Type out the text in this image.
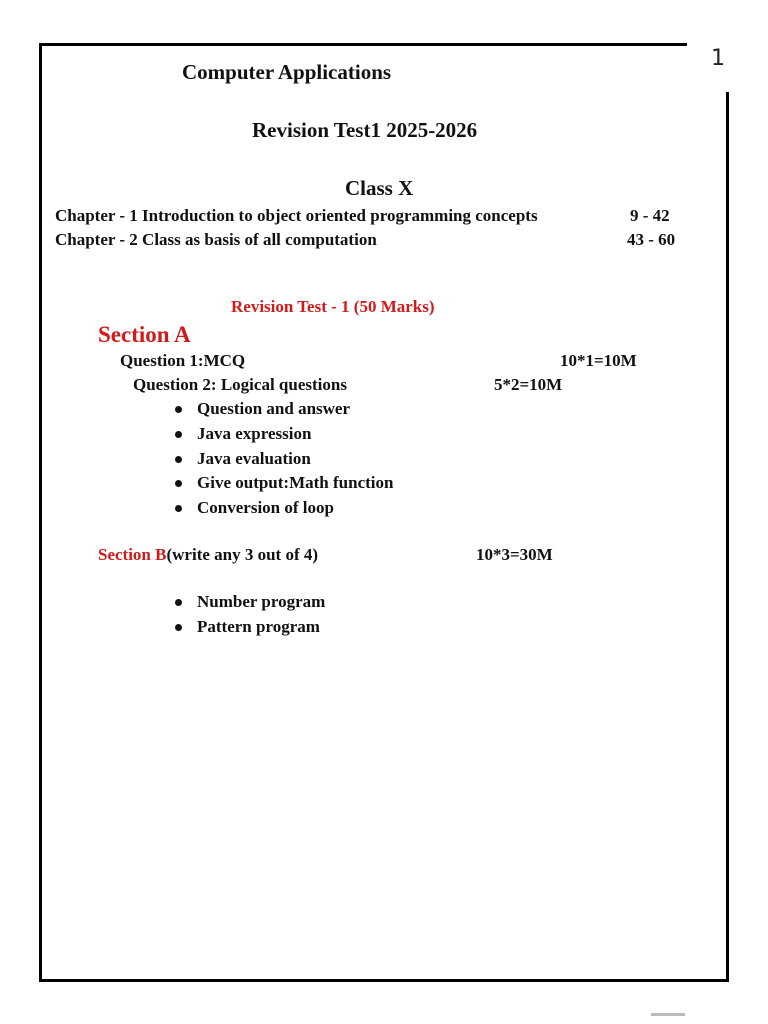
1
Computer Applications
Revision Test1 2025-2026
Class X
Chapter - 1 Introduction to object oriented programming concepts	9 - 42
Chapter - 2 Class as basis of all computation	43 - 60
Revision Test - 1 (50 Marks)
Section A
Question 1:MCQ	10*1=10M
Question 2: Logical questions	5*2=10M
Question and answer
Java expression
Java evaluation
Give output:Math function
Conversion of loop
Section B(write any 3 out of 4)	10*3=30M
Number program
Pattern program
